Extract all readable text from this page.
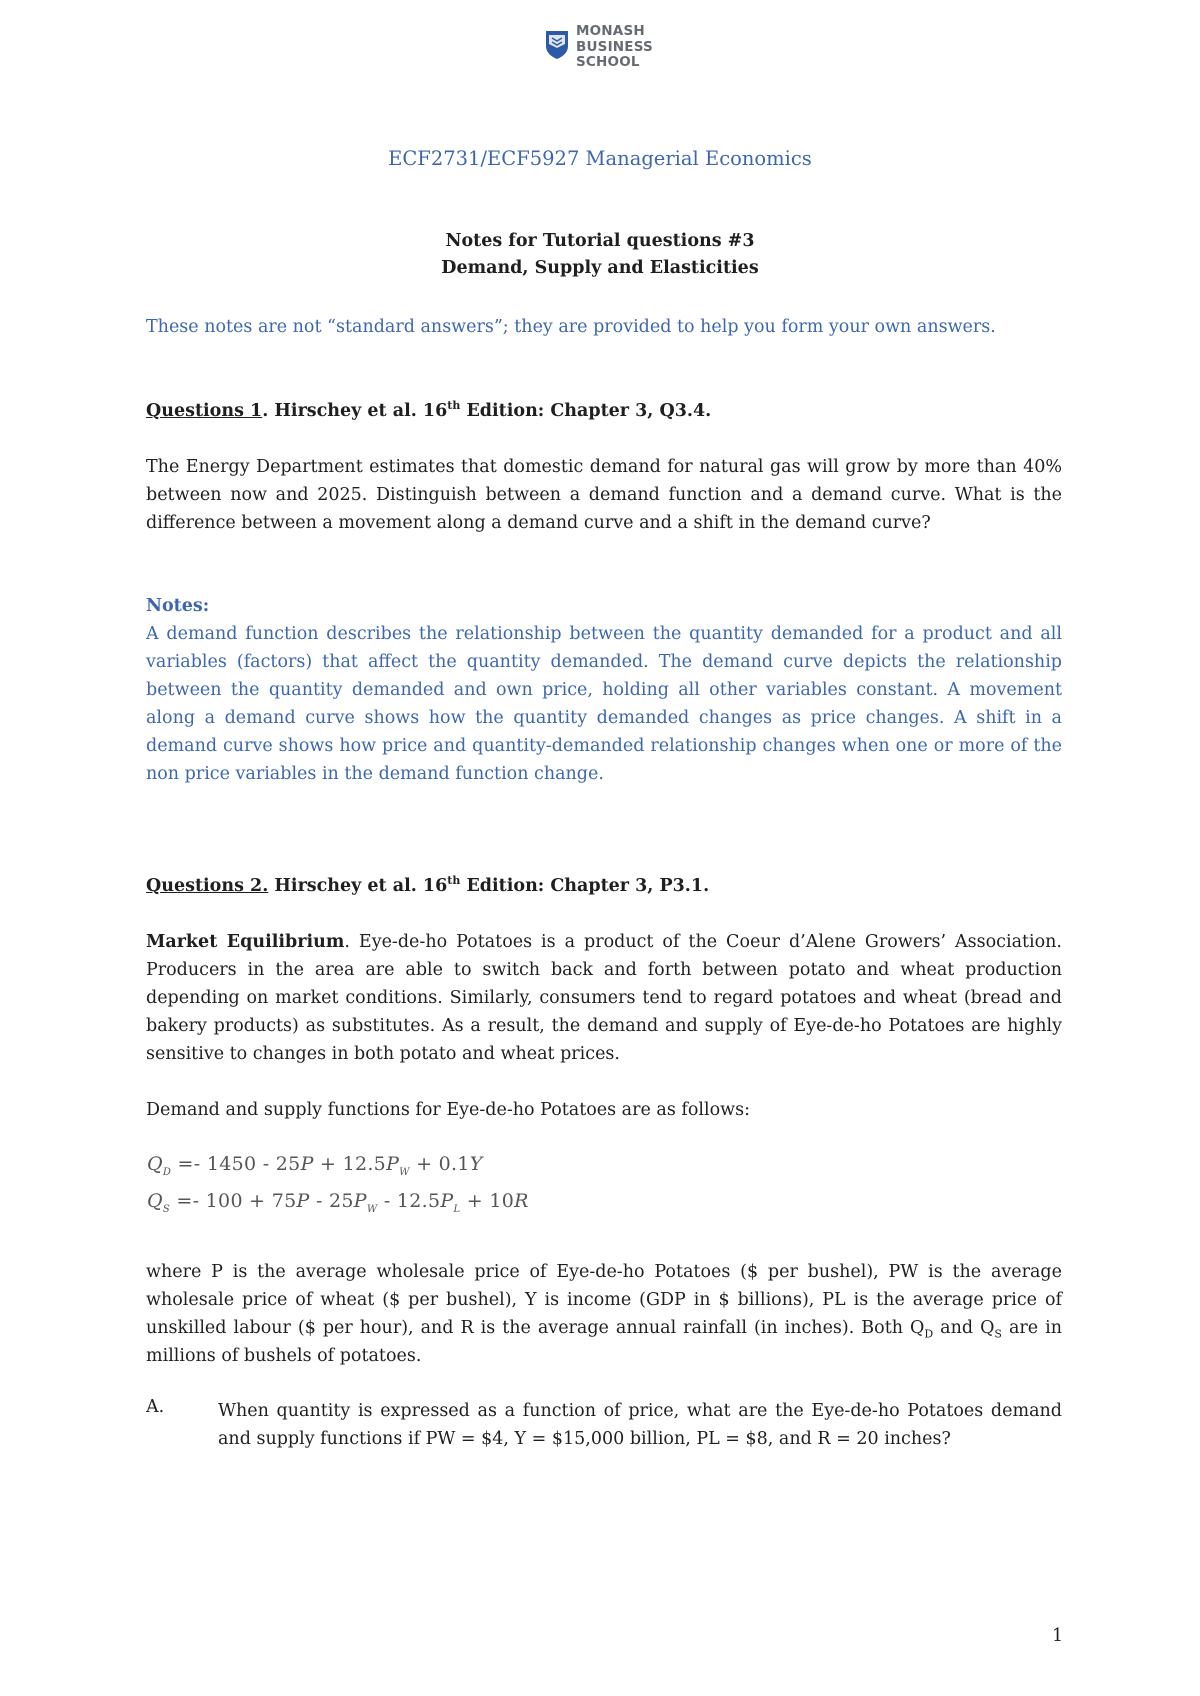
MONASH
BUSINESS
SCHOOL
ECF2731/ECF5927 Managerial Economics
Notes for Tutorial questions #3
Demand, Supply and Elasticities
These notes are not “standard answers”; they are provided to help you form your own answers.
Questions 1. Hirschey et al. 16th Edition: Chapter 3, Q3.4.
The Energy Department estimates that domestic demand for natural gas will grow by more than 40% between now and 2025. Distinguish between a demand function and a demand curve. What is the difference between a movement along a demand curve and a shift in the demand curve?
Notes:
A demand function describes the relationship between the quantity demanded for a product and all variables (factors) that affect the quantity demanded. The demand curve depicts the relationship between the quantity demanded and own price, holding all other variables constant. A movement along a demand curve shows how the quantity demanded changes as price changes. A shift in a demand curve shows how price and quantity-demanded relationship changes when one or more of the non price variables in the demand function change.
Questions 2. Hirschey et al. 16th Edition: Chapter 3, P3.1.
Market Equilibrium. Eye-de-ho Potatoes is a product of the Coeur d’Alene Growers’ Association. Producers in the area are able to switch back and forth between potato and wheat production depending on market conditions. Similarly, consumers tend to regard potatoes and wheat (bread and bakery products) as substitutes. As a result, the demand and supply of Eye-de-ho Potatoes are highly sensitive to changes in both potato and wheat prices.
Demand and supply functions for Eye-de-ho Potatoes are as follows:
$Q_D =- 1450 - 25P + 12.5P_W + 0.1Y$
$Q_S =- 100 + 75P - 25P_W - 12.5P_L + 10R$
where P is the average wholesale price of Eye-de-ho Potatoes ($ per bushel), PW is the average wholesale price of wheat ($ per bushel), Y is income (GDP in $ billions), PL is the average price of unskilled labour ($ per hour), and R is the average annual rainfall (in inches). Both $Q_D$ and $Q_S$ are in millions of bushels of potatoes.
A.	When quantity is expressed as a function of price, what are the Eye-de-ho Potatoes demand and supply functions if PW = $4, Y = $15,000 billion, PL = $8, and R = 20 inches?
1
